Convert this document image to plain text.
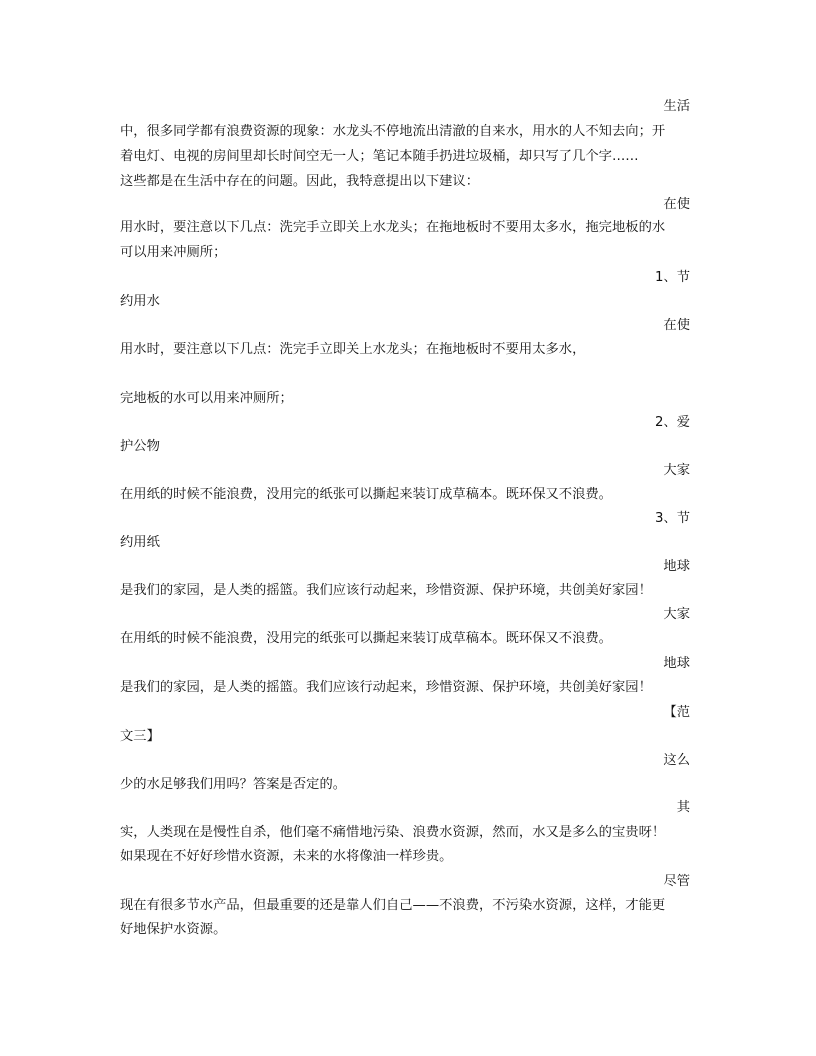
生活
中，很多同学都有浪费资源的现象：水龙头不停地流出清澈的自来水，用水的人不知去向；开
着电灯、电视的房间里却长时间空无一人；笔记本随手扔进垃圾桶，却只写了几个字……
这些都是在生活中存在的问题。因此，我特意提出以下建议：
在使
用水时，要注意以下几点：洗完手立即关上水龙头；在拖地板时不要用太多水，拖完地板的水
可以用来冲厕所；
1、节
约用水
在使
用水时，要注意以下几点：洗完手立即关上水龙头；在拖地板时不要用太多水，
完地板的水可以用来冲厕所；
2、爱
护公物
大家
在用纸的时候不能浪费，没用完的纸张可以撕起来装订成草稿本。既环保又不浪费。
3、节
约用纸
地球
是我们的家园，是人类的摇篮。我们应该行动起来，珍惜资源、保护环境，共创美好家园！
大家
在用纸的时候不能浪费，没用完的纸张可以撕起来装订成草稿本。既环保又不浪费。
地球
是我们的家园，是人类的摇篮。我们应该行动起来，珍惜资源、保护环境，共创美好家园！
【范
文三】
这么
少的水足够我们用吗？答案是否定的。
其
实，人类现在是慢性自杀，他们毫不痛惜地污染、浪费水资源，然而，水又是多么的宝贵呀！
如果现在不好好珍惜水资源，未来的水将像油一样珍贵。
尽管
现在有很多节水产品，但最重要的还是靠人们自己——不浪费，不污染水资源，这样，才能更
好地保护水资源。
